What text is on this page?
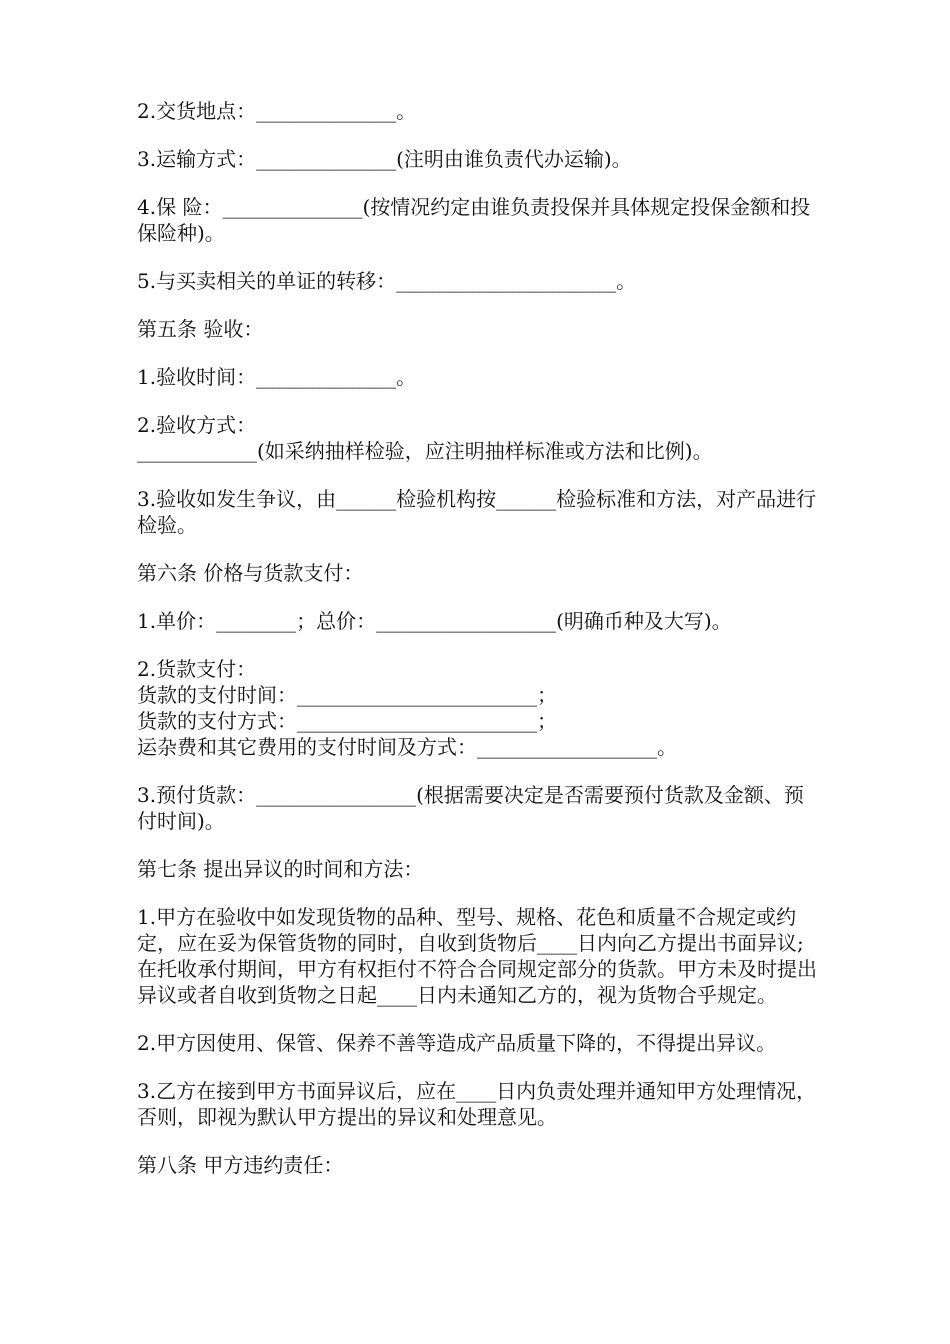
2.交货地点：______________。

3.运输方式：______________(注明由谁负责代办运输)。

4.保 险：______________(按情况约定由谁负责投保并具体规定投保金额和投保险种)。

5.与买卖相关的单证的转移：______________________。

第五条 验收：

1.验收时间：______________。

2.验收方式：
____________(如采纳抽样检验，应注明抽样标准或方法和比例)。

3.验收如发生争议，由______检验机构按______检验标准和方法，对产品进行检验。

第六条 价格与货款支付：

1.单价：________；总价：__________________(明确币种及大写)。

2.货款支付：
货款的支付时间：________________________；
货款的支付方式：________________________；
运杂费和其它费用的支付时间及方式：__________________。

3.预付货款：________________(根据需要决定是否需要预付货款及金额、预付时间)。

第七条 提出异议的时间和方法：

1.甲方在验收中如发现货物的品种、型号、规格、花色和质量不合规定或约定，应在妥为保管货物的同时，自收到货物后____日内向乙方提出书面异议;在托收承付期间，甲方有权拒付不符合合同规定部分的货款。甲方未及时提出异议或者自收到货物之日起____日内未通知乙方的，视为货物合乎规定。

2.甲方因使用、保管、保养不善等造成产品质量下降的，不得提出异议。

3.乙方在接到甲方书面异议后，应在____日内负责处理并通知甲方处理情况，否则，即视为默认甲方提出的异议和处理意见。

第八条 甲方违约责任：
